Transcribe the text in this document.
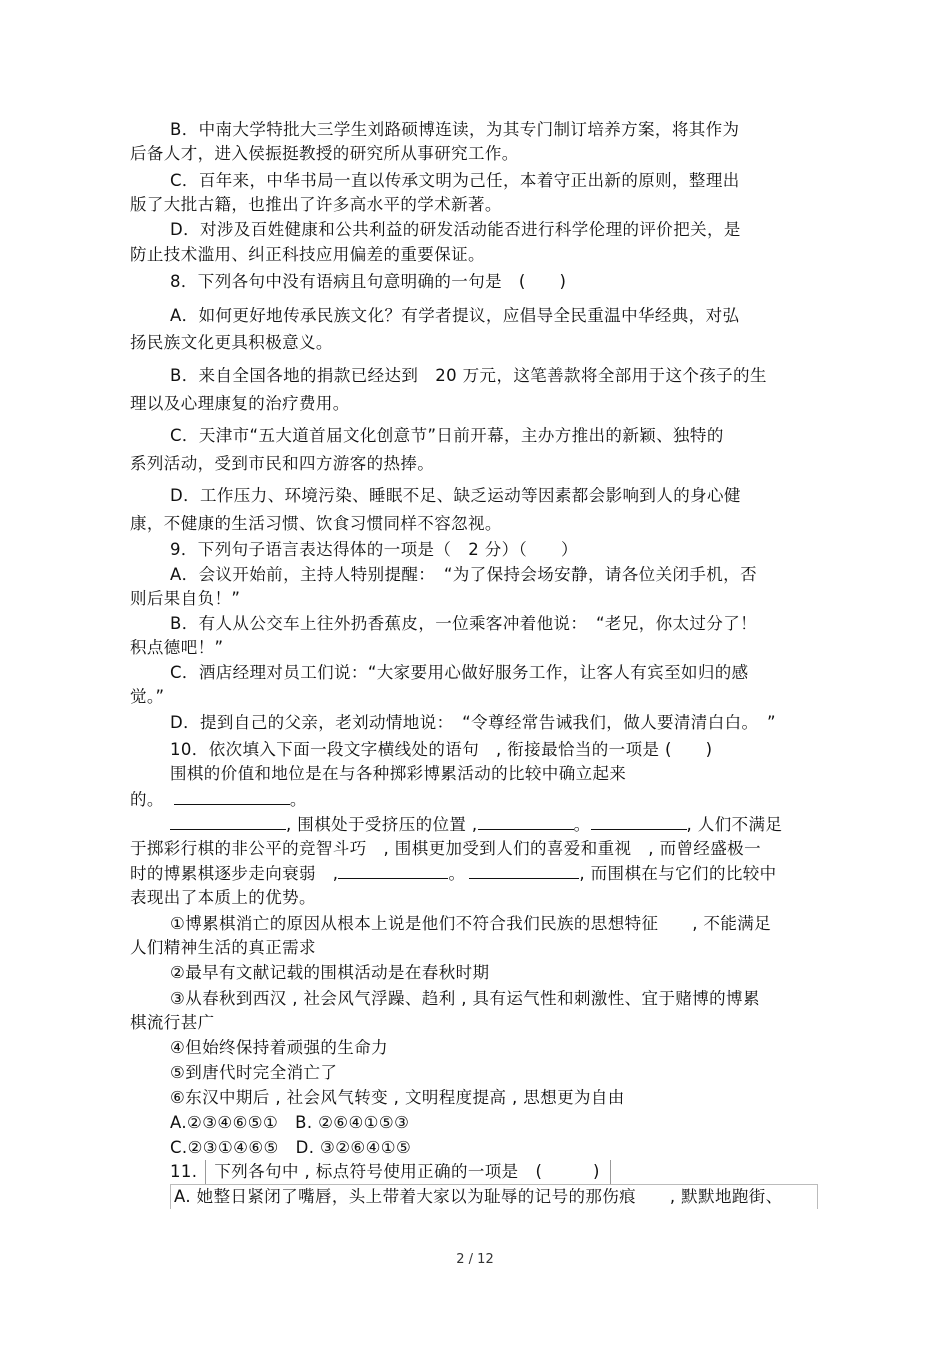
B．中南大学特批大三学生刘路硕博连读，为其专门制订培养方案，将其作为
后备人才，进入侯振挺教授的研究所从事研究工作。
C．百年来，中华书局一直以传承文明为己任，本着守正出新的原则，整理出
版了大批古籍，也推出了许多高水平的学术新著。
D．对涉及百姓健康和公共利益的研发活动能否进行科学伦理的评价把关，是
防止技术滥用、纠正科技应用偏差的重要保证。
8．下列各句中没有语病且句意明确的一句是　(　　)
A．如何更好地传承民族文化？有学者提议，应倡导全民重温中华经典，对弘
扬民族文化更具积极意义。
B．来自全国各地的捐款已经达到　20 万元，这笔善款将全部用于这个孩子的生
理以及心理康复的治疗费用。
C．天津市“五大道首届文化创意节”日前开幕，主办方推出的新颖、独特的
系列活动，受到市民和四方游客的热捧。
D．工作压力、环境污染、睡眠不足、缺乏运动等因素都会影响到人的身心健
康，不健康的生活习惯、饮食习惯同样不容忽视。
9．下列句子语言表达得体的一项是（　2 分）（　　）
A．会议开始前，主持人特别提醒：　“为了保持会场安静，请各位关闭手机，否
则后果自负！”
B．有人从公交车上往外扔香蕉皮，一位乘客冲着他说：　“老兄，你太过分了！
积点德吧！”
C．酒店经理对员工们说：“大家要用心做好服务工作，让客人有宾至如归的感
觉。”
D．提到自己的父亲，老刘动情地说：　“令尊经常告诫我们，做人要清清白白。　”
10．依次填入下面一段文字横线处的语句　, 衔接最恰当的一项是 (　　)
围棋的价值和地位是在与各种掷彩博累活动的比较中确立起来
的。	。
, 围棋处于受挤压的位置 ,	。	, 人们不满足
于掷彩行棋的非公平的竞智斗巧　, 围棋更加受到人们的喜爱和重视　, 而曾经盛极一
时的博累棋逐步走向衰弱　,	。	, 而围棋在与它们的比较中
表现出了本质上的优势。
①博累棋消亡的原因从根本上说是他们不符合我们民族的思想特征　　, 不能满足
人们精神生活的真正需求
②最早有文献记载的围棋活动是在春秋时期
③从春秋到西汉 , 社会风气浮躁、趋利 , 具有运气性和刺激性、宜于赌博的博累
棋流行甚广
④但始终保持着顽强的生命力
⑤到唐代时完全消亡了
⑥东汉中期后 , 社会风气转变 , 文明程度提高 , 思想更为自由
A.②③④⑥⑤①　B. ②⑥④①⑤③
C.②③①④⑥⑤　D. ③②⑥④①⑤
11.　下列各句中 , 标点符号使用正确的一项是　(　　　)
A. 她整日紧闭了嘴唇，头上带着大家以为耻辱的记号的那伤痕　　, 默默地跑街、
2 / 12
